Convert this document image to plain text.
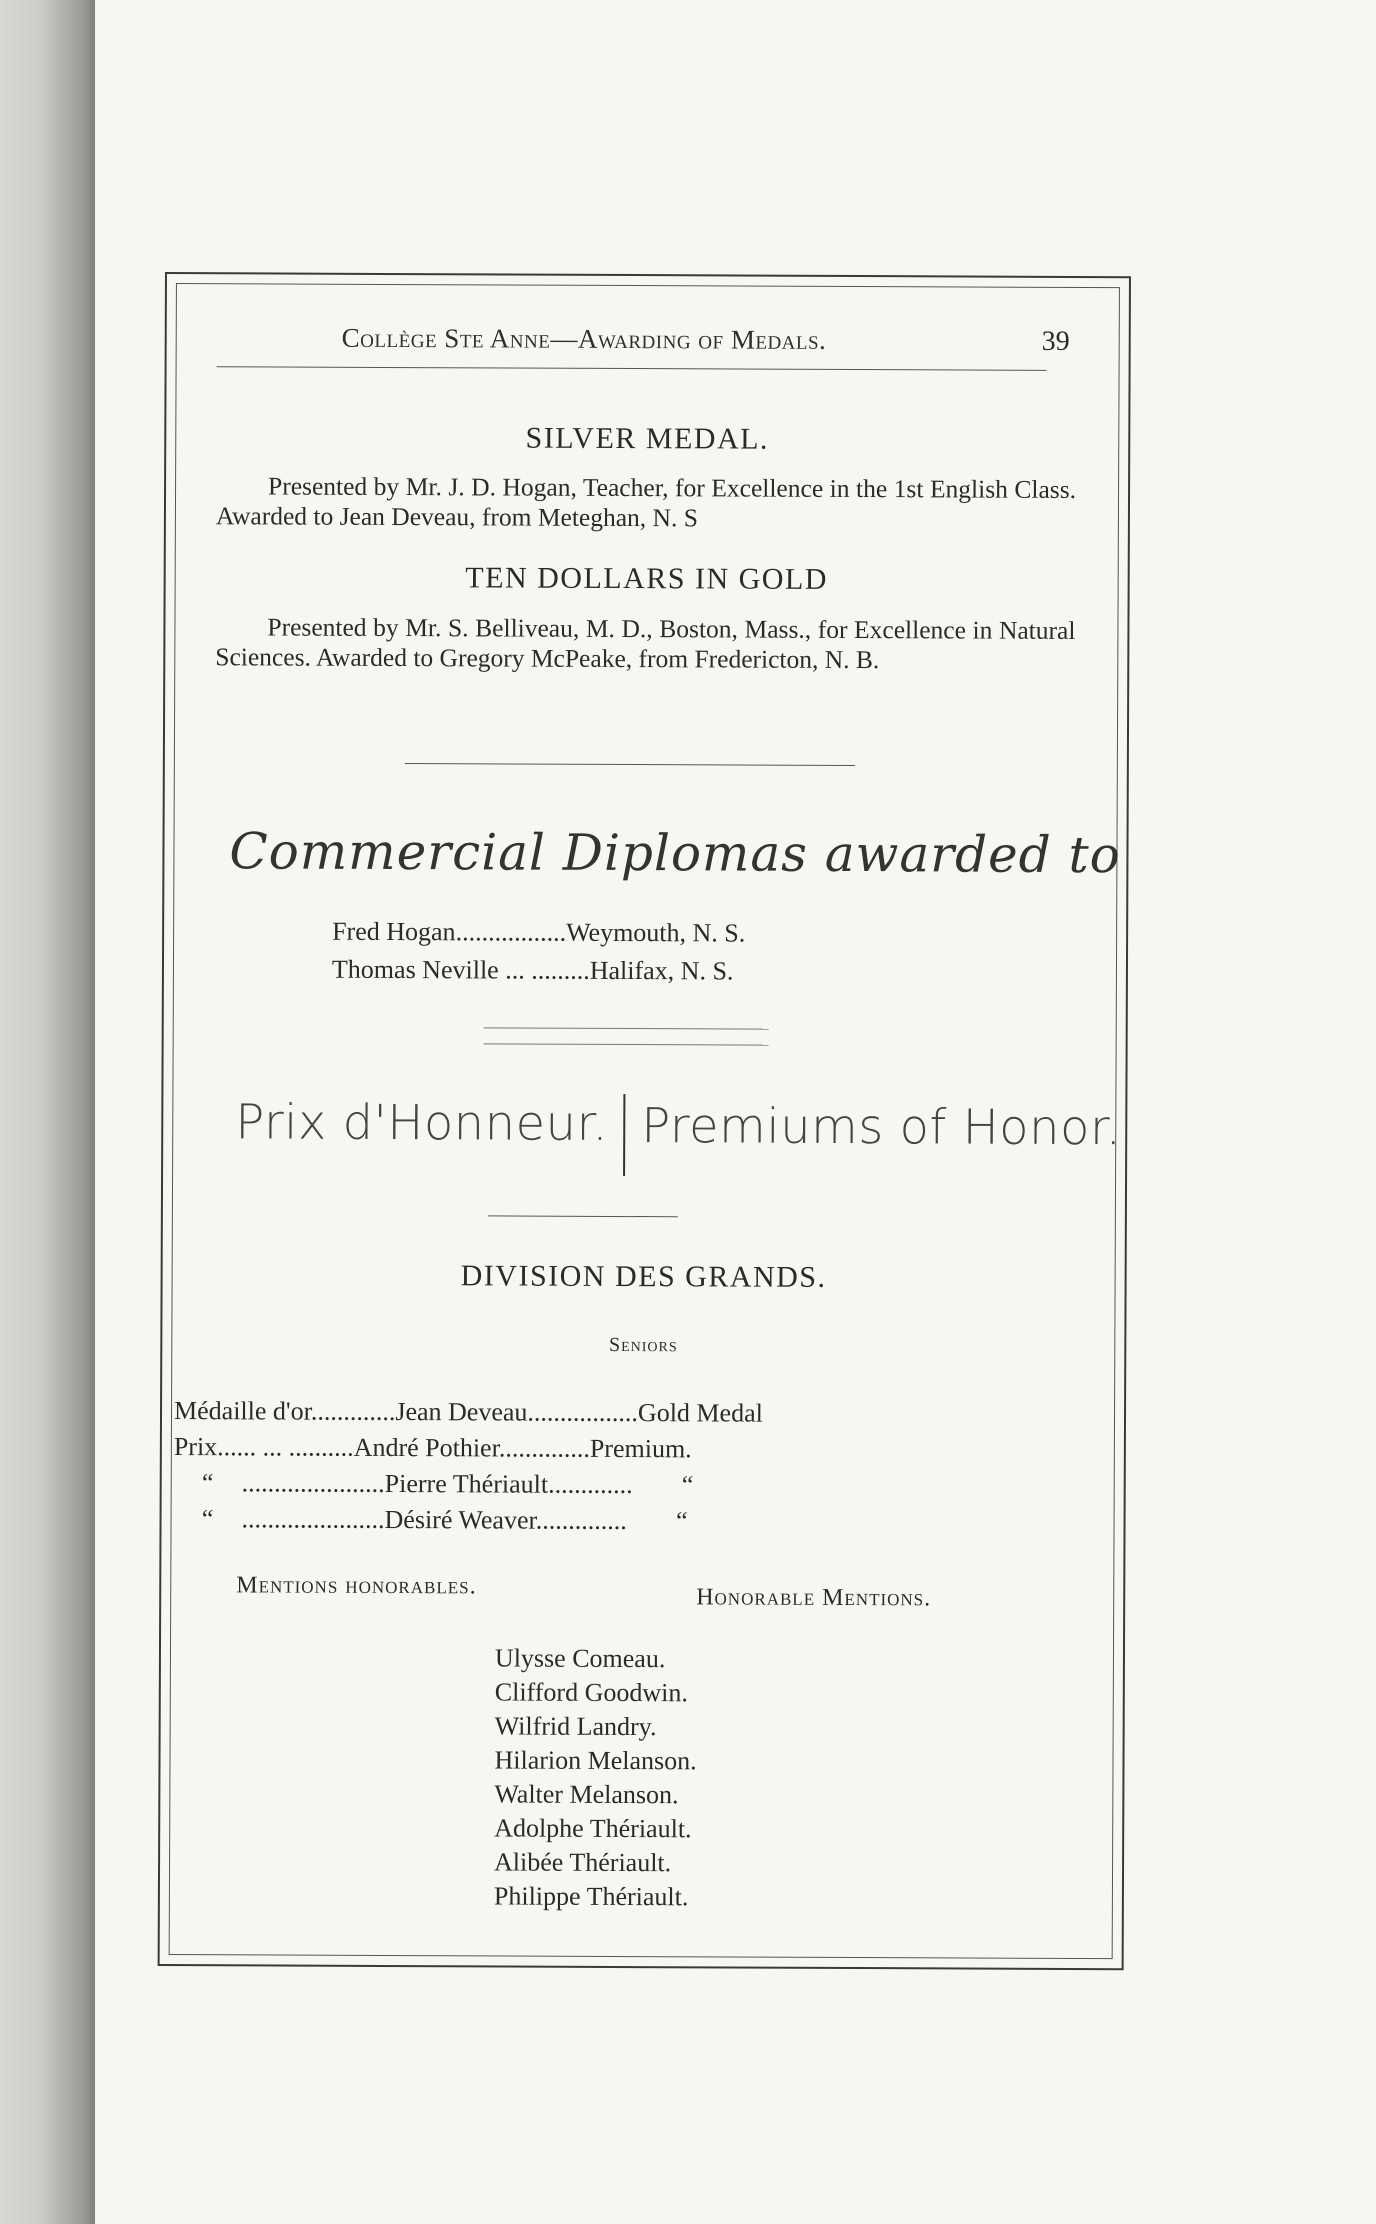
Collège Ste Anne—Awarding of Medals.	39
SILVER MEDAL.
Presented by Mr. J. D. Hogan, Teacher, for Excellence in the 1st English Class. Awarded to Jean Deveau, from Meteghan, N. S
TEN DOLLARS IN GOLD
Presented by Mr. S. Belliveau, M. D., Boston, Mass., for Excellence in Natural Sciences. Awarded to Gregory McPeake, from Fredericton, N. B.
Commercial Diplomas awarded to
Fred Hogan.................Weymouth, N. S.
Thomas Neville ... .........Halifax, N. S.
Prix d'Honneur. Premiums of Honor.
DIVISION DES GRANDS.
Seniors
Médaille d'or.............Jean Deveau.................Gold Medal
Prix...... ... ..........André Pothier..............Premium.
“ ......................Pierre Thériault............. “
“ ......................Désiré Weaver.............. “
Mentions honorables.	Honorable Mentions.
Ulysse Comeau.
Clifford Goodwin.
Wilfrid Landry.
Hilarion Melanson.
Walter Melanson.
Adolphe Thériault.
Alibée Thériault.
Philippe Thériault.
